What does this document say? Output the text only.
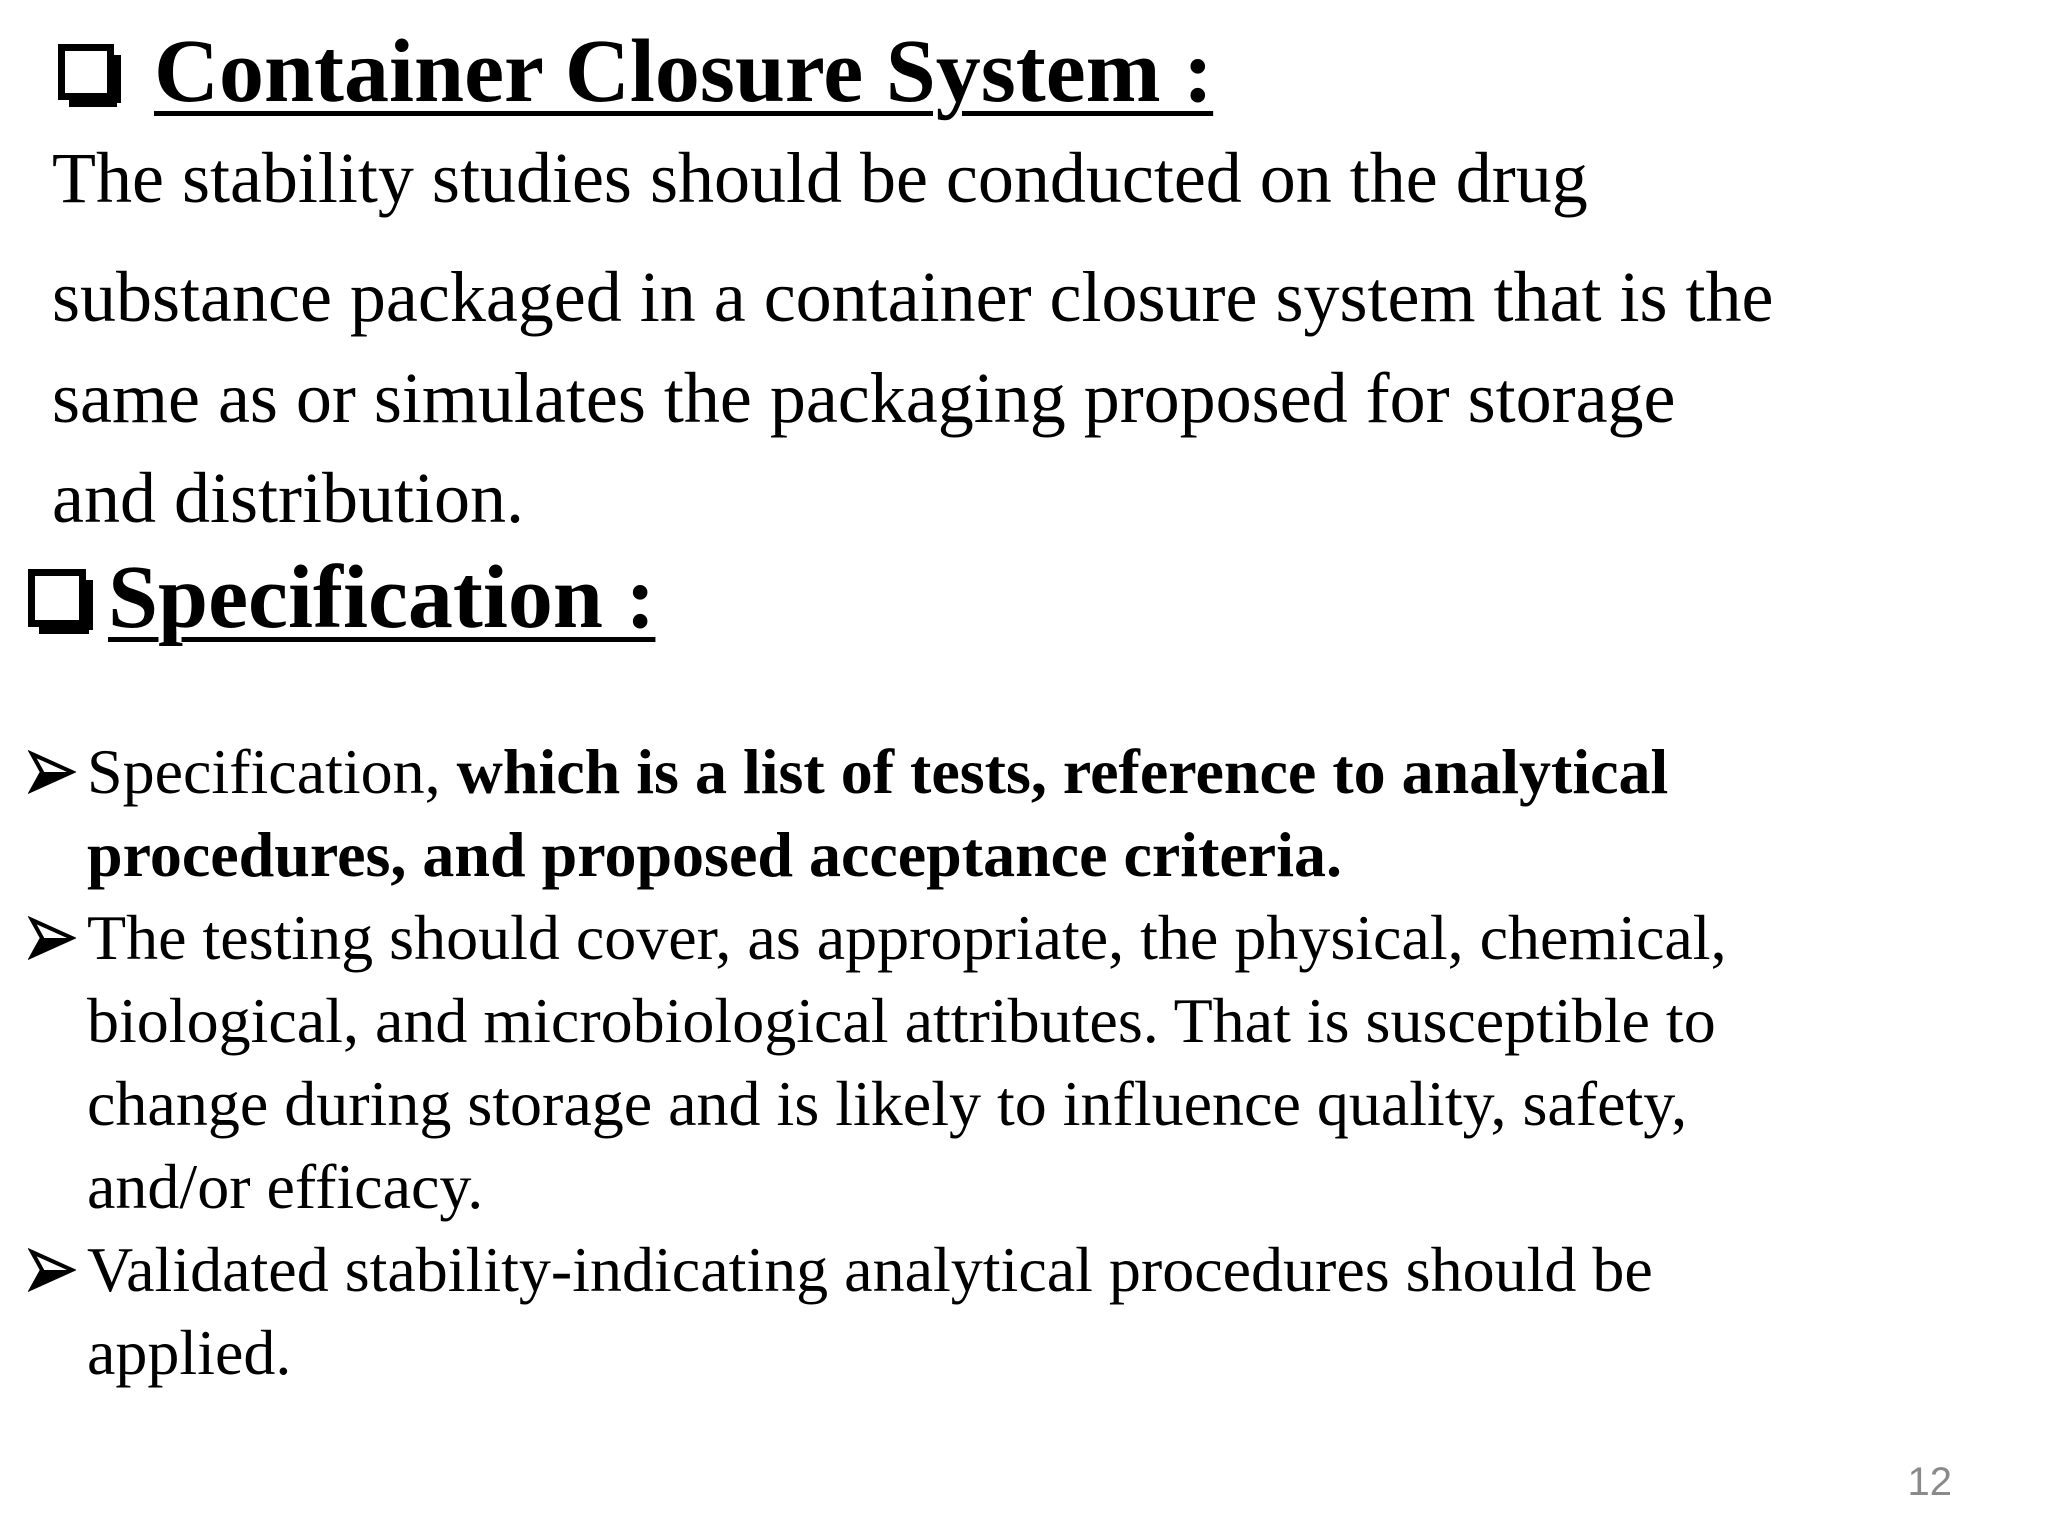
Container Closure System :
The stability studies should be conducted on the drug
substance packaged in a container closure system that is the
same as or simulates the packaging proposed for storage
and distribution.
Specification :
Specification, which is a list of tests, reference to analytical
procedures, and proposed acceptance criteria.
The testing should cover, as appropriate, the physical, chemical,
biological, and microbiological attributes. That is susceptible to
change during storage and is likely to influence quality, safety,
and/or efficacy.
Validated stability-indicating analytical procedures should be
applied.
12
